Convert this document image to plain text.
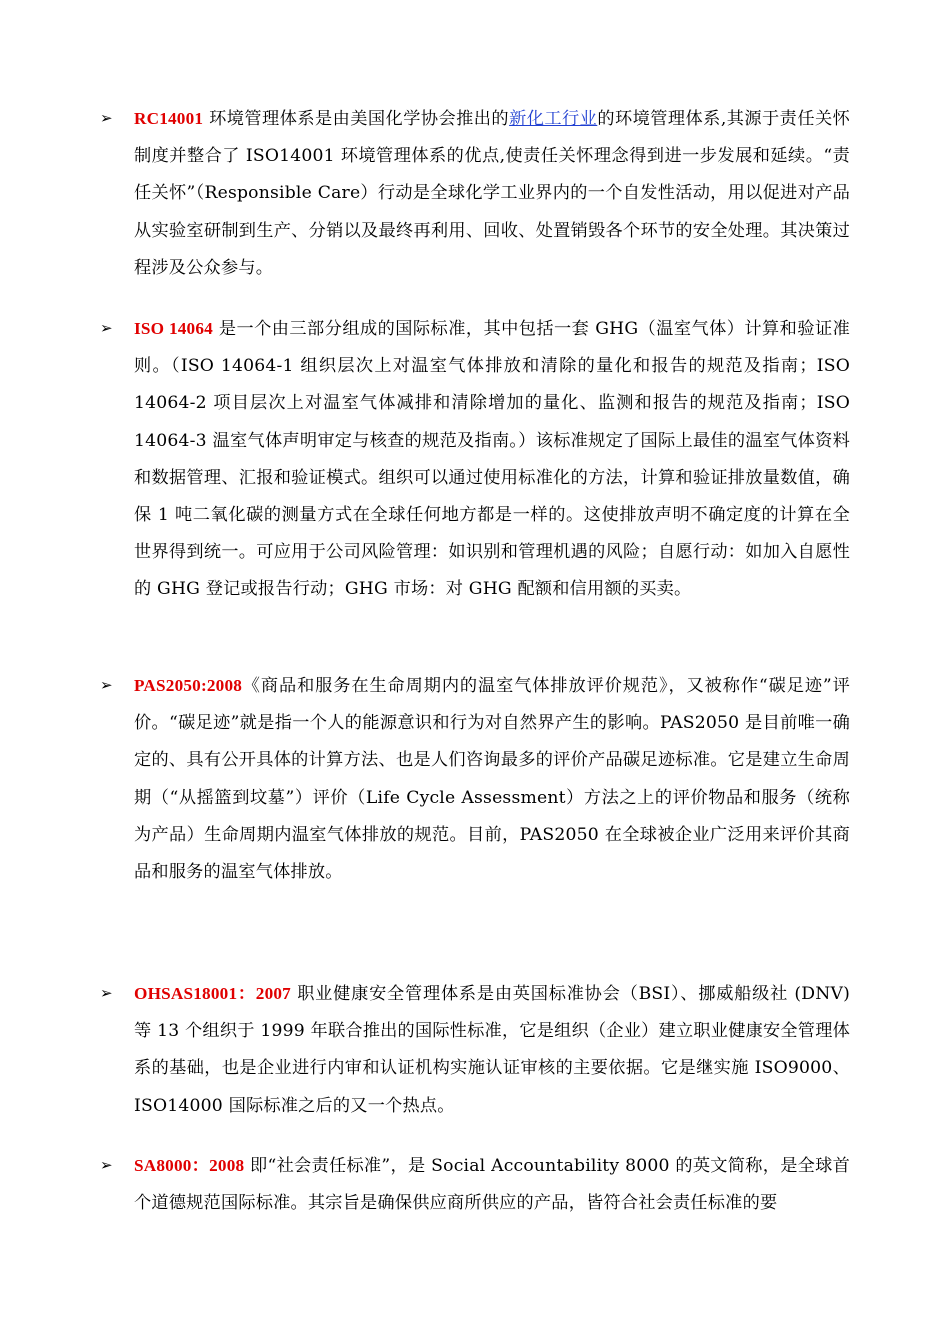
➢ RC14001 环境管理体系是由美国化学协会推出的新化工行业的环境管理体系,其源于责任关怀制度并整合了 ISO14001 环境管理体系的优点,使责任关怀理念得到进一步发展和延续。“责任关怀”（Responsible Care）行动是全球化学工业界内的一个自发性活动，用以促进对产品从实验室研制到生产、分销以及最终再利用、回收、处置销毁各个环节的安全处理。其决策过程涉及公众参与。
➢ ISO 14064 是一个由三部分组成的国际标准，其中包括一套 GHG（温室气体）计算和验证准则。（ISO 14064-1 组织层次上对温室气体排放和清除的量化和报告的规范及指南；ISO 14064-2 项目层次上对温室气体减排和清除增加的量化、监测和报告的规范及指南；ISO 14064-3 温室气体声明审定与核查的规范及指南。）该标准规定了国际上最佳的温室气体资料和数据管理、汇报和验证模式。组织可以通过使用标准化的方法，计算和验证排放量数值，确保 1 吨二氧化碳的测量方式在全球任何地方都是一样的。这使排放声明不确定度的计算在全世界得到统一。可应用于公司风险管理：如识别和管理机遇的风险；自愿行动：如加入自愿性的 GHG 登记或报告行动；GHG 市场：对 GHG 配额和信用额的买卖。
➢ PAS2050:2008《商品和服务在生命周期内的温室气体排放评价规范》，又被称作“碳足迹”评价。“碳足迹”就是指一个人的能源意识和行为对自然界产生的影响。PAS2050 是目前唯一确定的、具有公开具体的计算方法、也是人们咨询最多的评价产品碳足迹标准。它是建立生命周期（“从摇篮到坟墓”）评价（Life Cycle Assessment）方法之上的评价物品和服务（统称为产品）生命周期内温室气体排放的规范。目前，PAS2050 在全球被企业广泛用来评价其商品和服务的温室气体排放。
➢ OHSAS18001：2007 职业健康安全管理体系是由英国标准协会（BSI）、挪威船级社 (DNV) 等 13 个组织于 1999 年联合推出的国际性标准，它是组织（企业）建立职业健康安全管理体系的基础，也是企业进行内审和认证机构实施认证审核的主要依据。它是继实施 ISO9000、ISO14000 国际标准之后的又一个热点。
➢ SA8000：2008 即“社会责任标准”，是 Social Accountability 8000 的英文简称，是全球首个道德规范国际标准。其宗旨是确保供应商所供应的产品，皆符合社会责任标准的要
